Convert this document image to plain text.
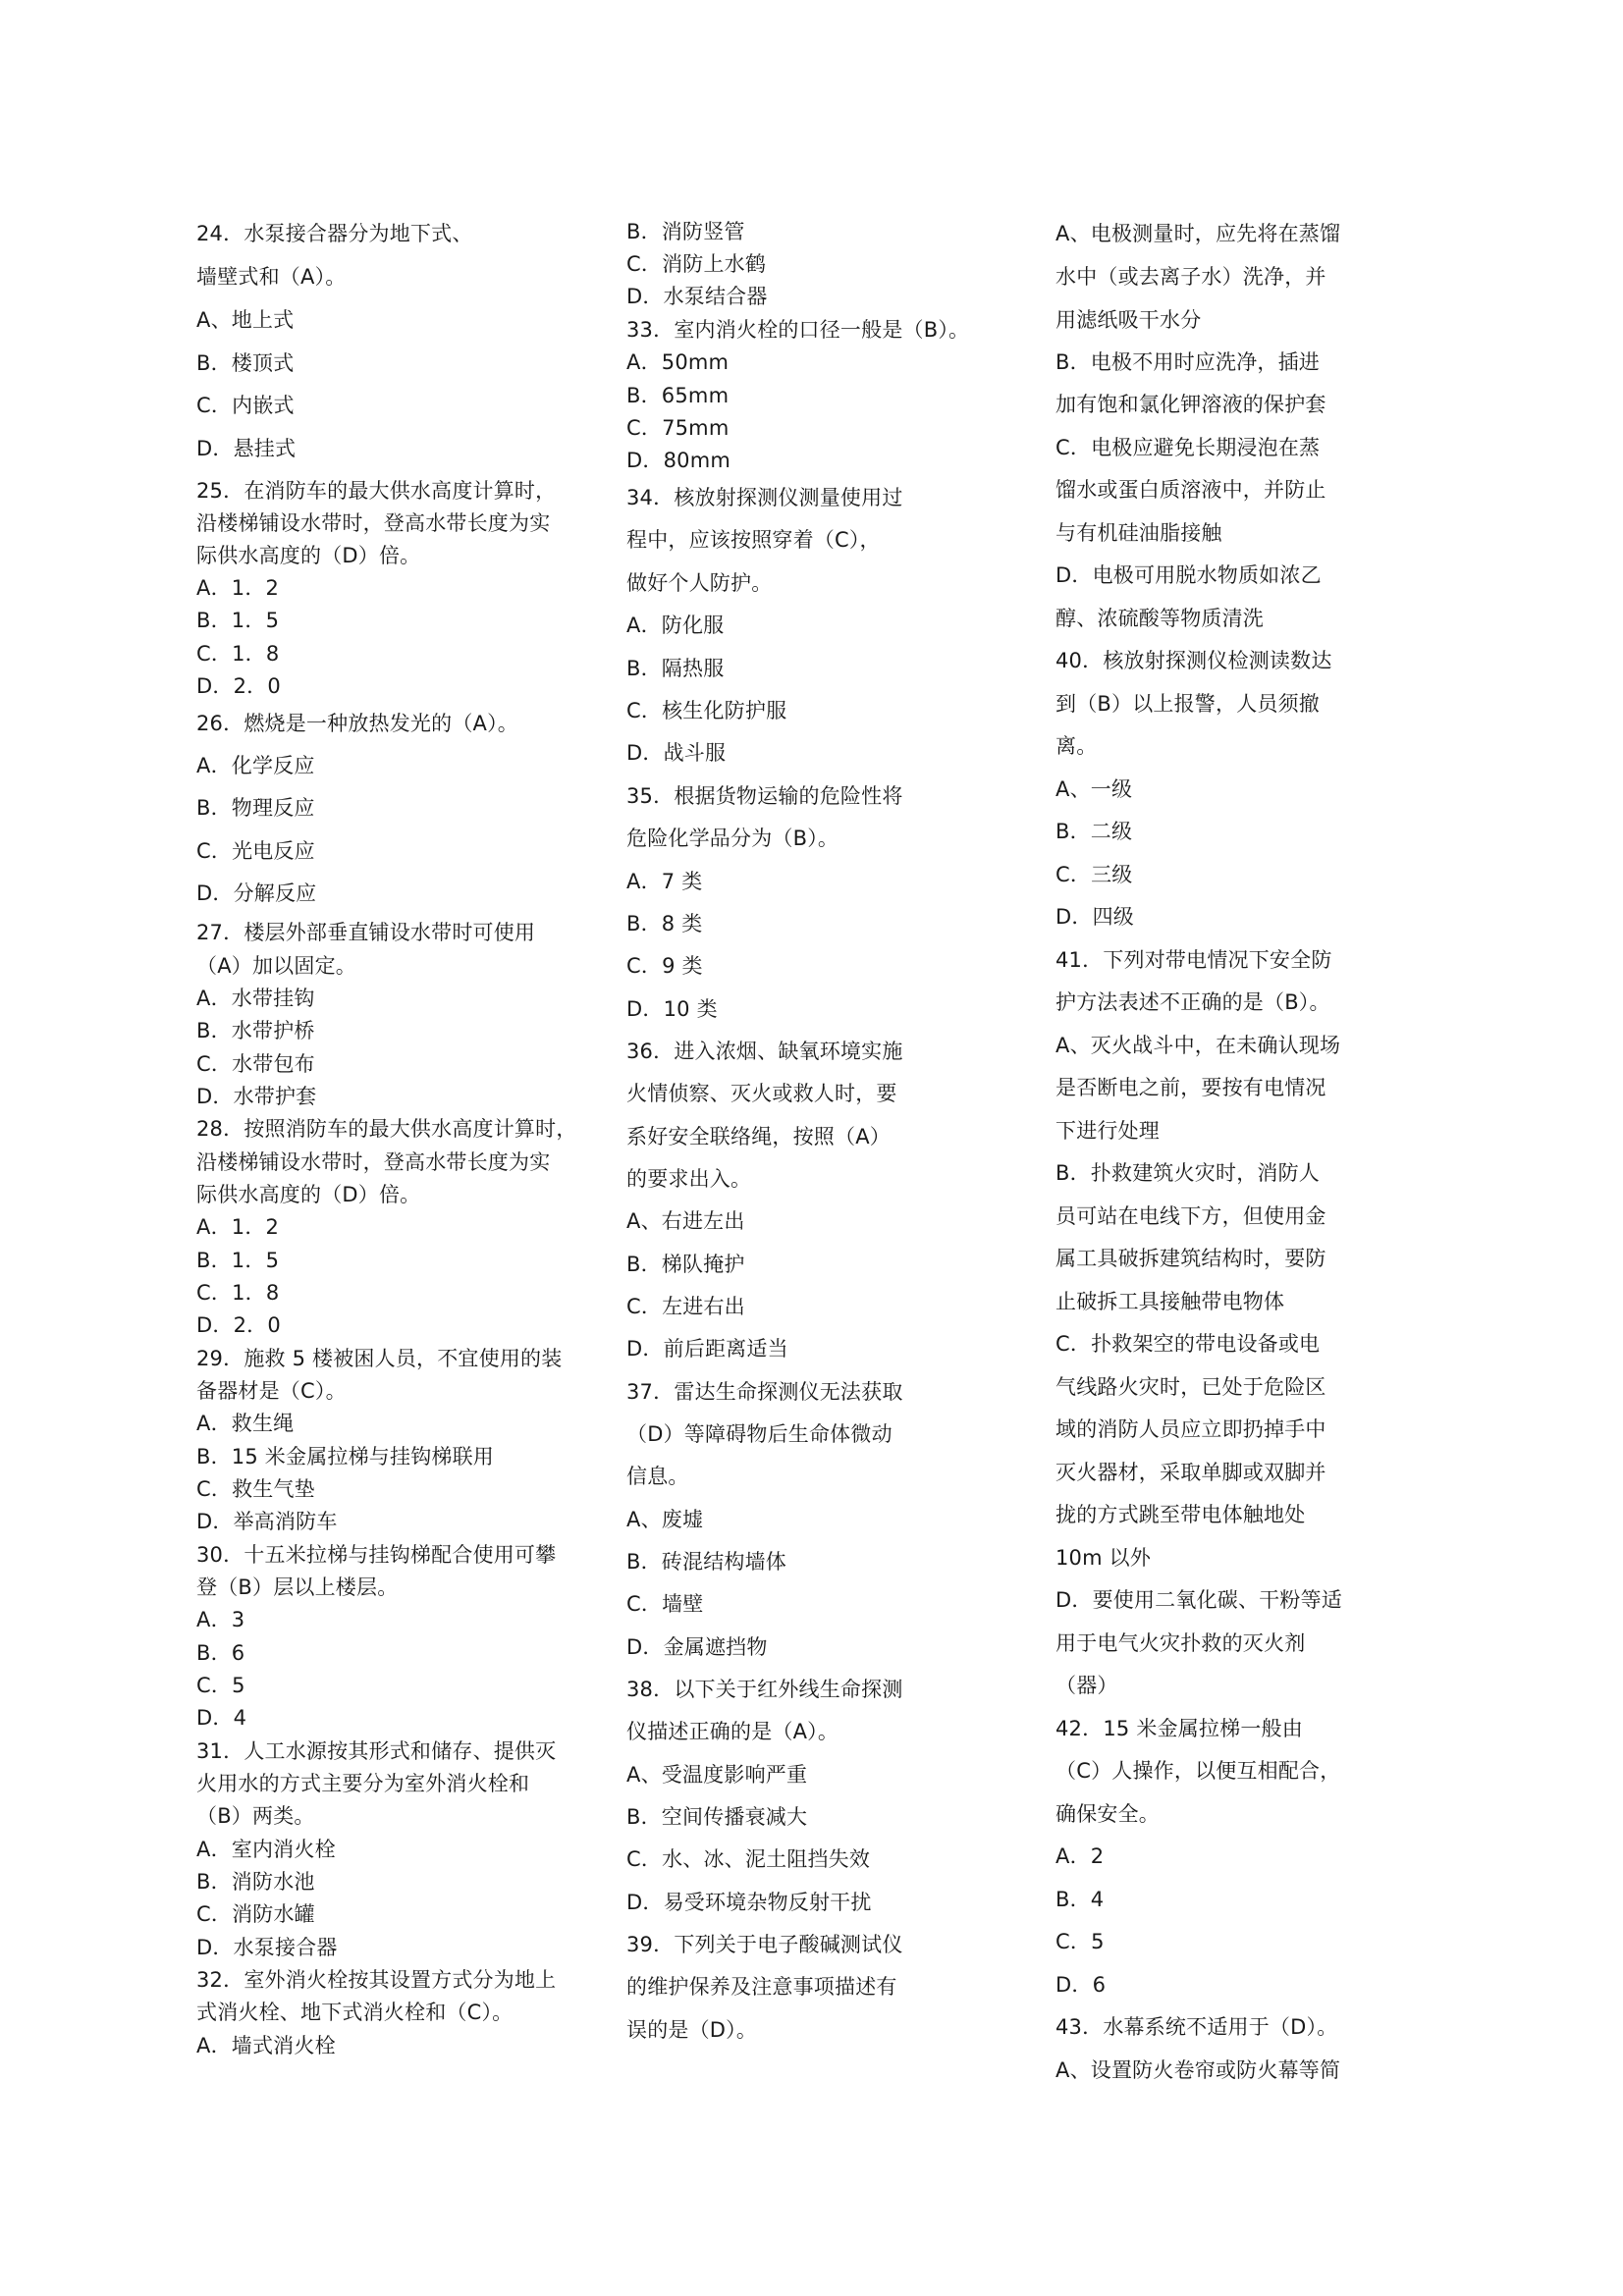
24．水泵接合器分为地下式、
墙壁式和（A）。
A、地上式
B．楼顶式
C．内嵌式
D．悬挂式
25．在消防车的最大供水高度计算时，
沿楼梯铺设水带时，登高水带长度为实
际供水高度的（D）倍。
A．1．2
B．1．5
C．1．8
D．2．0
26．燃烧是一种放热发光的（A）。
A．化学反应
B．物理反应
C．光电反应
D．分解反应
27．楼层外部垂直铺设水带时可使用
（A）加以固定。
A．水带挂钩
B．水带护桥
C．水带包布
D．水带护套
28．按照消防车的最大供水高度计算时，
沿楼梯铺设水带时，登高水带长度为实
际供水高度的（D）倍。
A．1．2
B．1．5
C．1．8
D．2．0
29．施救 5 楼被困人员，不宜使用的装
备器材是（C）。
A．救生绳
B．15 米金属拉梯与挂钩梯联用
C．救生气垫
D．举高消防车
30．十五米拉梯与挂钩梯配合使用可攀
登（B）层以上楼层。
A．3
B．6
C．5
D．4
31．人工水源按其形式和储存、提供灭
火用水的方式主要分为室外消火栓和
（B）两类。
A．室内消火栓
B．消防水池
C．消防水罐
D．水泵接合器
32．室外消火栓按其设置方式分为地上
式消火栓、地下式消火栓和（C）。
A．墙式消火栓
B．消防竖管
C．消防上水鹤
D．水泵结合器
33．室内消火栓的口径一般是（B）。
A．50mm
B．65mm
C．75mm
D．80mm
34．核放射探测仪测量使用过
程中，应该按照穿着（C），
做好个人防护。
A．防化服
B．隔热服
C．核生化防护服
D．战斗服
35．根据货物运输的危险性将
危险化学品分为（B）。
A．7 类
B．8 类
C．9 类
D．10 类
36．进入浓烟、缺氧环境实施
火情侦察、灭火或救人时，要
系好安全联络绳，按照（A）
的要求出入。
A、右进左出
B．梯队掩护
C．左进右出
D．前后距离适当
37．雷达生命探测仪无法获取
（D）等障碍物后生命体微动
信息。
A、废墟
B．砖混结构墙体
C．墙壁
D．金属遮挡物
38．以下关于红外线生命探测
仪描述正确的是（A）。
A、受温度影响严重
B．空间传播衰减大
C．水、冰、泥土阻挡失效
D．易受环境杂物反射干扰
39．下列关于电子酸碱测试仪
的维护保养及注意事项描述有
误的是（D）。
A、电极测量时，应先将在蒸馏
水中（或去离子水）洗净，并
用滤纸吸干水分
B．电极不用时应洗净，插进
加有饱和氯化钾溶液的保护套
C．电极应避免长期浸泡在蒸
馏水或蛋白质溶液中，并防止
与有机硅油脂接触
D．电极可用脱水物质如浓乙
醇、浓硫酸等物质清洗
40．核放射探测仪检测读数达
到（B）以上报警，人员须撤
离。
A、一级
B．二级
C．三级
D．四级
41．下列对带电情况下安全防
护方法表述不正确的是（B）。
A、灭火战斗中，在未确认现场
是否断电之前，要按有电情况
下进行处理
B．扑救建筑火灾时，消防人
员可站在电线下方，但使用金
属工具破拆建筑结构时，要防
止破拆工具接触带电物体
C．扑救架空的带电设备或电
气线路火灾时，已处于危险区
域的消防人员应立即扔掉手中
灭火器材，采取单脚或双脚并
拢的方式跳至带电体触地处
10m 以外
D．要使用二氧化碳、干粉等适
用于电气火灾扑救的灭火剂
（器）
42．15 米金属拉梯一般由
（C）人操作，以便互相配合，
确保安全。
A．2
B．4
C．5
D．6
43．水幕系统不适用于（D）。
A、设置防火卷帘或防火幕等简
